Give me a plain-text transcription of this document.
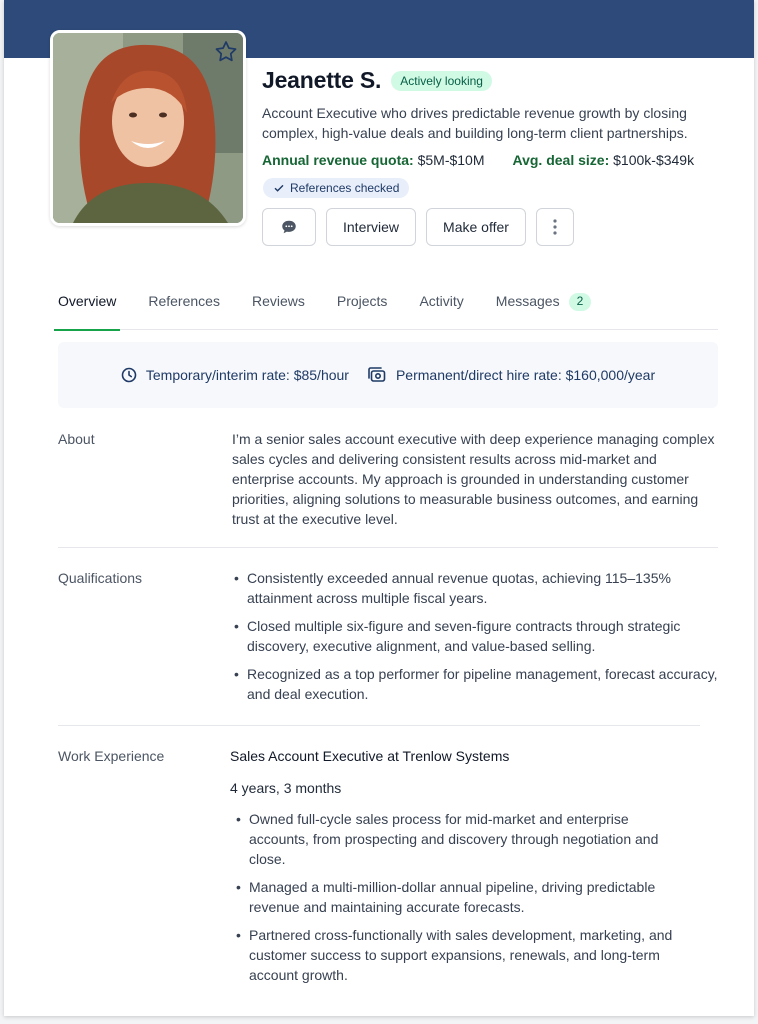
Jeanette S.	Actively looking
Account Executive who drives predictable revenue growth by closing complex, high-value deals and building long-term client partnerships.
Annual revenue quota: $5M-$10M Avg. deal size: $100k-$349k
References checked
Interview	Make offer
Overview References Reviews Projects Activity Messages	2
Temporary/interim rate: $85/hour	Permanent/direct hire rate: $160,000/year
About	I’m a senior sales account executive with deep experience managing complex sales cycles and delivering consistent results across mid-market and enterprise accounts. My approach is grounded in understanding customer priorities, aligning solutions to measurable business outcomes, and earning trust at the executive level.
Qualifications
•	Consistently exceeded annual revenue quotas, achieving 115–135% attainment across multiple fiscal years.
• Closed multiple six-figure and seven-figure contracts through strategic discovery, executive alignment, and value-based selling.
• Recognized as a top performer for pipeline management, forecast accuracy, and deal execution.
Work Experience	Sales Account Executive at Trenlow Systems
4 years, 3 months
• Owned full-cycle sales process for mid-market and enterprise accounts, from prospecting and discovery through negotiation and close.
• Managed a multi-million-dollar annual pipeline, driving predictable revenue and maintaining accurate forecasts.
• Partnered cross-functionally with sales development, marketing, and customer success to support expansions, renewals, and long-term account growth.
